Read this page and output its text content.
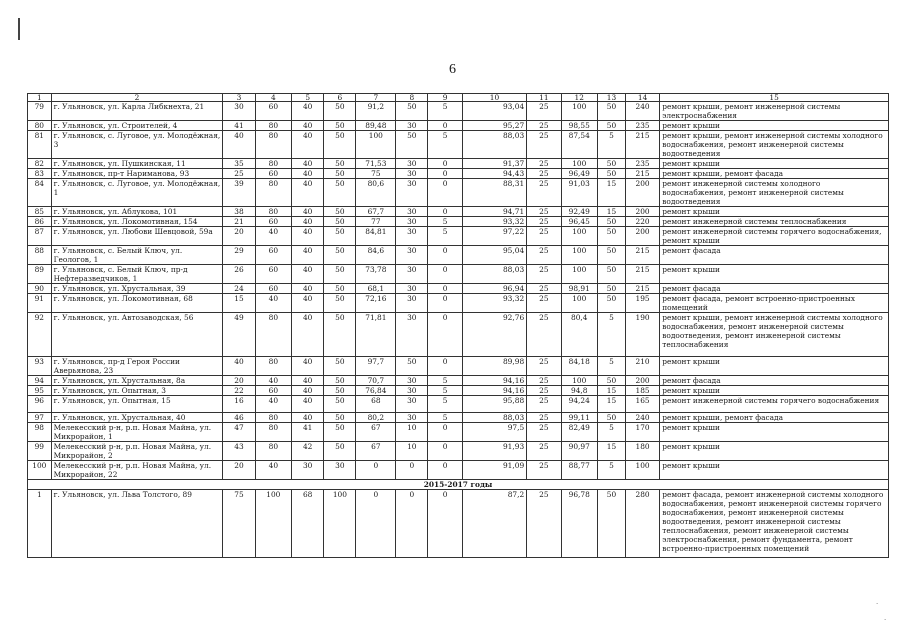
6
1	2	3	4	5	6	7	8	9	10	11	12	13	14	15
79	г. Ульяновск, ул. Карла Либкнехта, 21	30	60	40	50	91,2	50	5	93,04	25	100	50	240	ремонт крыши, ремонт инженерной системы электроснабжения
80	г. Ульяновск, ул. Строителей, 4	41	80	40	50	89,48	30	0	95,27	25	98,55	50	235	ремонт крыши
81	г. Ульяновск, с. Луговое, ул. Молодёжная, 3	40	80	40	50	100	50	5	88,03	25	87,54	5	215	ремонт крыши, ремонт инженерной системы холодного водоснабжения, ремонт инженерной системы водоотведения
82	г. Ульяновск, ул. Пушкинская, 11	35	80	40	50	71,53	30	0	91,37	25	100	50	235	ремонт крыши
83	г. Ульяновск, пр-т Нариманова, 93	25	60	40	50	75	30	0	94,43	25	96,49	50	215	ремонт крыши, ремонт фасада
84	г. Ульяновск, с. Луговое, ул. Молодёжная, 1	39	80	40	50	80,6	30	0	88,31	25	91,03	15	200	ремонт инженерной системы холодного водоснабжения, ремонт инженерной системы водоотведения
85	г. Ульяновск, ул. Аблукова, 101	38	80	40	50	67,7	30	0	94,71	25	92,49	15	200	ремонт крыши
86	г. Ульяновск, ул. Локомотивная, 154	21	60	40	50	77	30	5	93,32	25	96,45	50	220	ремонт инженерной системы теплоснабжения
87	г. Ульяновск, ул. Любови Шевцовой, 59а	20	40	40	50	84,81	30	5	97,22	25	100	50	200	ремонт инженерной системы горячего водоснабжения, ремонт крыши
88	г. Ульяновск, с. Белый Ключ, ул. Геологов, 1	29	60	40	50	84,6	30	0	95,04	25	100	50	215	ремонт фасада
89	г. Ульяновск, с. Белый Ключ, пр-д Нефтеразведчиков, 1	26	60	40	50	73,78	30	0	88,03	25	100	50	215	ремонт крыши
90	г. Ульяновск, ул. Хрустальная, 39	24	60	40	50	68,1	30	0	96,94	25	98,91	50	215	ремонт фасада
91	г. Ульяновск, ул. Локомотивная, 68	15	40	40	50	72,16	30	0	93,32	25	100	50	195	ремонт фасада, ремонт встроенно-пристроенных помещений
92	г. Ульяновск, ул. Автозаводская, 56	49	80	40	50	71,81	30	0	92,76	25	80,4	5	190	ремонт крыши, ремонт инженерной системы холодного водоснабжения, ремонт инженерной системы водоотведения, ремонт инженерной системы теплоснабжения
93	г. Ульяновск, пр-д Героя России Аверьянова, 23	40	80	40	50	97,7	50	0	89,98	25	84,18	5	210	ремонт крыши
94	г. Ульяновск, ул. Хрустальная, 8а	20	40	40	50	70,7	30	5	94,16	25	100	50	200	ремонт фасада
95	г. Ульяновск, ул. Опытная, 3	22	60	40	50	76,84	30	5	94,16	25	94,8	15	185	ремонт крыши
96	г. Ульяновск, ул. Опытная, 15	16	40	40	50	68	30	5	95,88	25	94,24	15	165	ремонт инженерной системы горячего водоснабжения
97	г. Ульяновск, ул. Хрустальная, 40	46	80	40	50	80,2	30	5	88,03	25	99,11	50	240	ремонт крыши, ремонт фасада
98	Мелекесский р-н, р.п. Новая Майна, ул. Микрорайон, 1	47	80	41	50	67	10	0	97,5	25	82,49	5	170	ремонт крыши
99	Мелекесский р-н, р.п. Новая Майна, ул. Микрорайон, 2	43	80	42	50	67	10	0	91,93	25	90,97	15	180	ремонт крыши
100	Мелекесский р-н, р.п. Новая Майна, ул. Микрорайон, 22	20	40	30	30	0	0	0	91,09	25	88,77	5	100	ремонт крыши
2015-2017 годы														
1	г. Ульяновск, ул. Льва Толстого, 89	75	100	68	100	0	0	0	87,2	25	96,78	50	280	ремонт фасада, ремонт инженерной системы холодного водоснабжения, ремонт инженерной системы горячего водоснабжения, ремонт инженерной системы водоотведения, ремонт инженерной системы теплоснабжения, ремонт инженерной системы электроснабжения, ремонт фундамента, ремонт встроенно-пристроенных помещений
·
·
